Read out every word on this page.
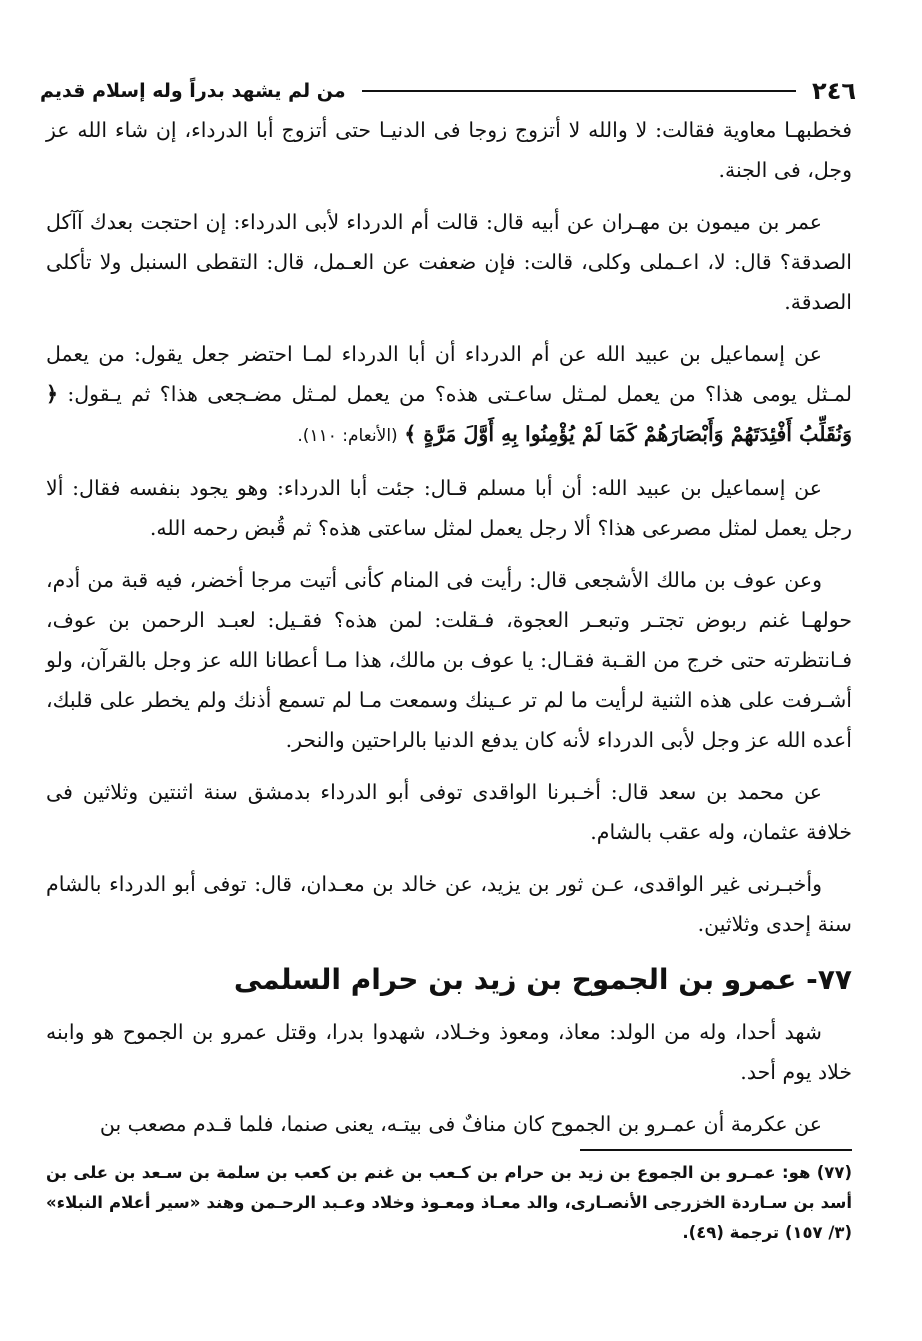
٢٤٦
من لم يشهد بدراً وله إسلام قديم

فخطبهـا معاوية فقالت: لا والله لا أتزوج زوجا فى الدنيـا حتى أتزوج أبا الدرداء، إن شاء الله عز وجل، فى الجنة.

عمر بن ميمون بن مهـران عن أبيه قال: قالت أم الدرداء لأبى الدرداء: إن احتجت بعدك آآكل الصدقة؟ قال: لا، اعـملى وكلى، قالت: فإن ضعفت عن العـمل، قال: التقطى السنبل ولا تأكلى الصدقة.

عن إسماعيل بن عبيد الله عن أم الدرداء أن أبا الدرداء لمـا احتضر جعل يقول: من يعمل لمـثل يومى هذا؟ من يعمل لمـثل ساعـتى هذه؟ من يعمل لمـثل مضـجعى هذا؟ ثم يـقول: ﴿ وَنُقَلِّبُ أَفْئِدَتَهُمْ وَأَبْصَارَهُمْ كَمَا لَمْ يُؤْمِنُوا بِهِ أَوَّلَ مَرَّةٍ ﴾ (الأنعام: ١١٠).

عن إسماعيل بن عبيد الله: أن أبا مسلم قـال: جئت أبا الدرداء: وهو يجود بنفسه فقال: ألا رجل يعمل لمثل مصرعى هذا؟ ألا رجل يعمل لمثل ساعتى هذه؟ ثم قُبض رحمه الله.

وعن عوف بن مالك الأشجعى قال: رأيت فى المنام كأنى أتيت مرجا أخضر، فيه قبة من أدم، حولهـا غنم ربوض تجتـر وتبعـر العجوة، فـقلت: لمن هذه؟ فقـيل: لعبـد الرحمن بن عوف، فـانتظرته حتى خرج من القـبة فقـال: يا عوف بن مالك، هذا مـا أعطانا الله عز وجل بالقرآن، ولو أشـرفت على هذه الثنية لرأيت ما لم تر عـينك وسمعت مـا لم تسمع أذنك ولم يخطر على قلبك، أعده الله عز وجل لأبى الدرداء لأنه كان يدفع الدنيا بالراحتين والنحر.

عن محمد بن سعد قال: أخـبرنا الواقدى توفى أبو الدرداء بدمشق سنة اثنتين وثلاثين فى خلافة عثمان، وله عقب بالشام.

وأخبـرنى غير الواقدى، عـن ثور بن يزيد، عن خالد بن معـدان، قال: توفى أبو الدرداء بالشام سنة إحدى وثلاثين.

٧٧- عمرو بن الجموح بن زيد بن حرام السلمى

شهد أحدا، وله من الولد: معاذ، ومعوذ وخـلاد، شهدوا بدرا، وقتل عمرو بن الجموح هو وابنه خلاد يوم أحد.

عن عكرمة أن عمـرو بن الجموح كان منافٌ فى بيتـه، يعنى صنما، فلما قـدم مصعب بن

(٧٧) هو: عمـرو بن الجموع بن زيد بن حرام بن كـعب بن غنم بن كعب بن سلمة بن سـعد بن على بن أسد بن سـاردة الخزرجى الأنصـارى، والد معـاذ ومعـوذ وخلاد وعـبد الرحـمن وهند «سير أعلام النبلاء» (٣/ ١٥٧) ترجمة (٤٩).
